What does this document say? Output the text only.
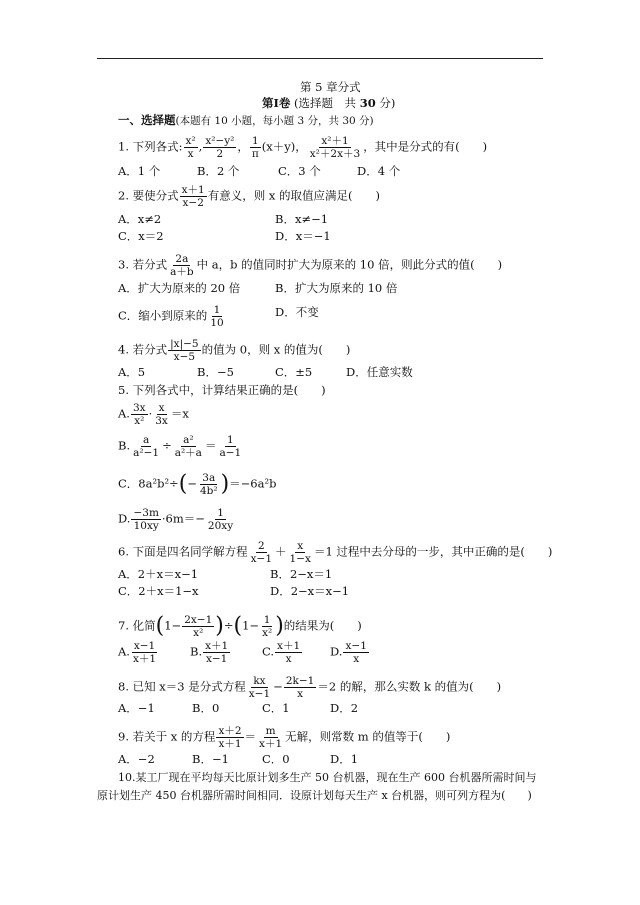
第 5 章分式
第Ⅰ卷 (选择题　共 30 分)
一、选择题(本题有 10 小题，每小题 3 分，共 30 分)
1. 下列各式: $\frac{\text{x²}}{x}$ , $\frac{\text{x²−y²}}{2}$ ， $\frac{1}{\pi} (x+y)$， $\frac{\text{x²＋1}}{\text{x²＋2x＋3}}$ ，其中是分式的有(　　)
A．1 个	B．2 个	C．3 个	D．4 个
2. 要使分式 $\frac{x+1}{x-2}$ 有意义，则 x 的取值应满足(　　)
A．x≠2	B．x≠−1
C．x＝2	D．x＝−1
3. 若分式 $\frac{2a}{a+b}$ 中 a，b 的值同时扩大为原来的 10 倍，则此分式的值(　　)
A．扩大为原来的 20 倍	B．扩大为原来的 10 倍
C．缩小到原来的 $\frac{1}{10}$	D．不变
4. 若分式 $\frac{|x|-5}{x-5}$ 的值为 0，则 x 的值为(　　)
A．5	B．−5	C．±5	D．任意实数
5. 下列各式中，计算结果正确的是(　　)
A. $\frac{3x}{\text{x²}} \cdot \frac{x}{3x} =x$
B. $\frac{a}{\text{a²−1}} \div \frac{\text{a²}}{\text{a²＋a}} = \frac{1}{a-1}$
C．$8a^2b^2\div(- \frac{3a}{\text{4b²}} )=-6a^2b$
D. $\frac{-3m}{10xy} \cdot 6m=- \frac{1}{20xy}$
6. 下面是四名同学解方程 $\frac{2}{x-1} + \frac{x}{1-x} =1$ 过程中去分母的一步，其中正确的是(　　)
A．2＋x＝x−1	B．2−x＝1
C．2＋x＝1−x	D．2−x＝x−1
7. 化简$(1- \frac{2x-1}{\text{x²}} )\div(1- \frac{1}{\text{x²}}$ )的结果为(　　)
A. $\frac{x-1}{x+1}$	B. $\frac{x+1}{x-1}$	C. $\frac{x+1}{x} D$. $\frac{x-1}{x}$
8. 已知 x＝3 是分式方程 $\frac{kx}{x-1} - \frac{2k-1}{x} =2$ 的解，那么实数 k 的值为(　　)
A．−1	B．0	C．1	D．2
9. 若关于 x 的方程 $\frac{x+2}{x+1} = \frac{m}{x+1}$ 无解，则常数 m 的值等于(　　)
A．−2	B．−1	C．0	D．1
10.某工厂现在平均每天比原计划多生产 50 台机器，现在生产 600 台机器所需时间与
原计划生产 450 台机器所需时间相同．设原计划每天生产 x 台机器，则可列方程为(　　)
